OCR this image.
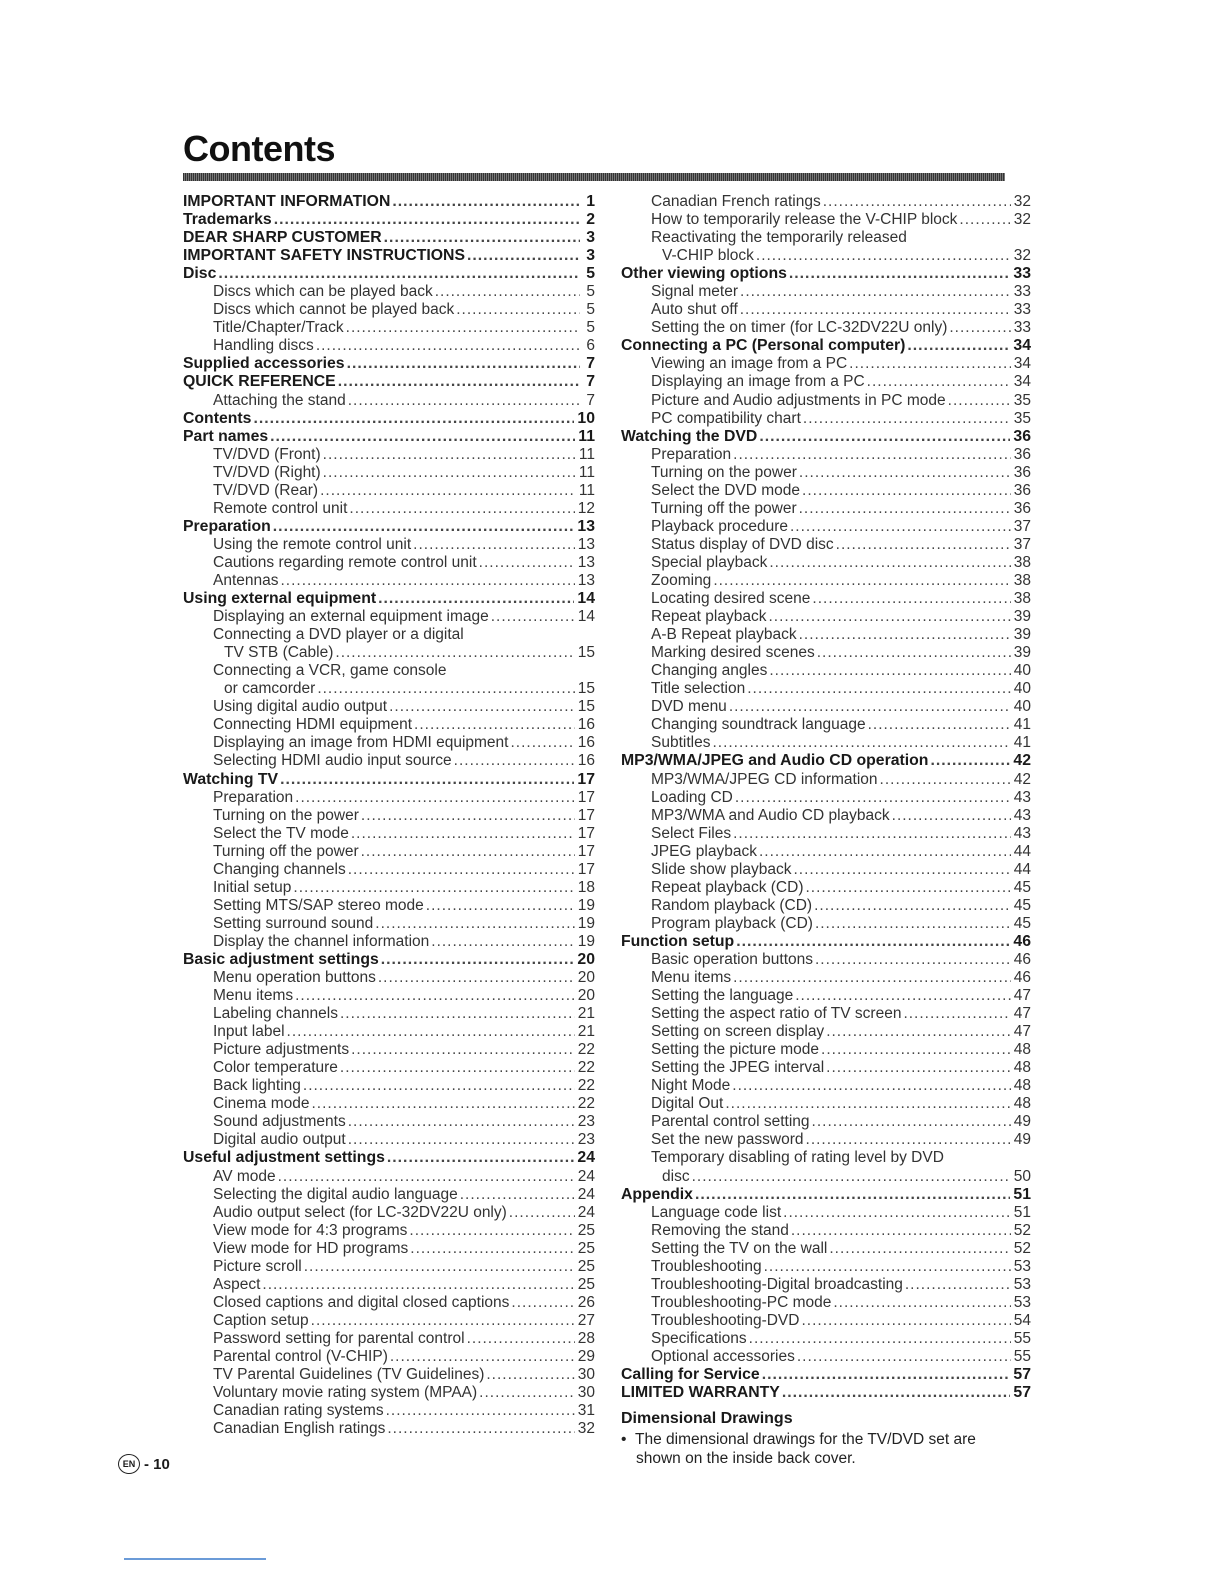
Contents
IMPORTANT INFORMATION .....	1
Trademarks .....	2
DEAR SHARP CUSTOMER .....	3
IMPORTANT SAFETY INSTRUCTIONS .....	3
Disc .....	5
Discs which can be played back .....	5
Discs which cannot be played back .....	5
Title/Chapter/Track .....	5
Handling discs .....	6
Supplied accessories .....	7
QUICK REFERENCE .....	7
Attaching the stand .....	7
Contents .....	10
Part names .....	11
TV/DVD (Front) .....	11
TV/DVD (Right) .....	11
TV/DVD (Rear) .....	11
Remote control unit .....	12
Preparation .....	13
Using the remote control unit .....	13
Cautions regarding remote control unit .....	13
Antennas .....	13
Using external equipment .....	14
Displaying an external equipment image .....	14
Connecting a DVD player or a digital
TV STB (Cable) .....	15
Connecting a VCR, game console
or camcorder .....	15
Using digital audio output .....	15
Connecting HDMI equipment .....	16
Displaying an image from HDMI equipment .....	16
Selecting HDMI audio input source .....	16
Watching TV .....	17
Preparation .....	17
Turning on the power .....	17
Select the TV mode .....	17
Turning off the power .....	17
Changing channels .....	17
Initial setup .....	18
Setting MTS/SAP stereo mode .....	19
Setting surround sound .....	19
Display the channel information .....	19
Basic adjustment settings .....	20
Menu operation buttons .....	20
Menu items .....	20
Labeling channels .....	21
Input label .....	21
Picture adjustments .....	22
Color temperature .....	22
Back lighting .....	22
Cinema mode .....	22
Sound adjustments .....	23
Digital audio output .....	23
Useful adjustment settings .....	24
AV mode .....	24
Selecting the digital audio language .....	24
Audio output select (for LC-32DV22U only) .....	24
View mode for 4:3 programs .....	25
View mode for HD programs .....	25
Picture scroll .....	25
Aspect .....	25
Closed captions and digital closed captions .....	26
Caption setup .....	27
Password setting for parental control .....	28
Parental control (V-CHIP) .....	29
TV Parental Guidelines (TV Guidelines) .....	30
Voluntary movie rating system (MPAA) .....	30
Canadian rating systems .....	31
Canadian English ratings .....	32
Canadian French ratings .....	32
How to temporarily release the V-CHIP block .....	32
Reactivating the temporarily released
V-CHIP block .....	32
Other viewing options .....	33
Signal meter .....	33
Auto shut off .....	33
Setting the on timer (for LC-32DV22U only) .....	33
Connecting a PC (Personal computer) .....	34
Viewing an image from a PC .....	34
Displaying an image from a PC .....	34
Picture and Audio adjustments in PC mode .....	35
PC compatibility chart .....	35
Watching the DVD .....	36
Preparation .....	36
Turning on the power .....	36
Select the DVD mode .....	36
Turning off the power .....	36
Playback procedure .....	37
Status display of DVD disc .....	37
Special playback .....	38
Zooming .....	38
Locating desired scene .....	38
Repeat playback .....	39
A-B Repeat playback .....	39
Marking desired scenes .....	39
Changing angles .....	40
Title selection .....	40
DVD menu .....	40
Changing soundtrack language .....	41
Subtitles .....	41
MP3/WMA/JPEG and Audio CD operation .....	42
MP3/WMA/JPEG CD information .....	42
Loading CD .....	43
MP3/WMA and Audio CD playback .....	43
Select Files .....	43
JPEG playback .....	44
Slide show playback .....	44
Repeat playback (CD) .....	45
Random playback (CD) .....	45
Program playback (CD) .....	45
Function setup .....	46
Basic operation buttons .....	46
Menu items .....	46
Setting the language .....	47
Setting the aspect ratio of TV screen .....	47
Setting on screen display .....	47
Setting the picture mode .....	48
Setting the JPEG interval .....	48
Night Mode .....	48
Digital Out .....	48
Parental control setting .....	49
Set the new password .....	49
Temporary disabling of rating level by DVD
disc .....	50
Appendix .....	51
Language code list .....	51
Removing the stand .....	52
Setting the TV on the wall .....	52
Troubleshooting .....	53
Troubleshooting-Digital broadcasting .....	53
Troubleshooting-PC mode .....	53
Troubleshooting-DVD .....	54
Specifications .....	55
Optional accessories .....	55
Calling for Service .....	57
LIMITED WARRANTY .....	57
Dimensional Drawings
• The dimensional drawings for the TV/DVD set are
shown on the inside back cover.
EN - 10
